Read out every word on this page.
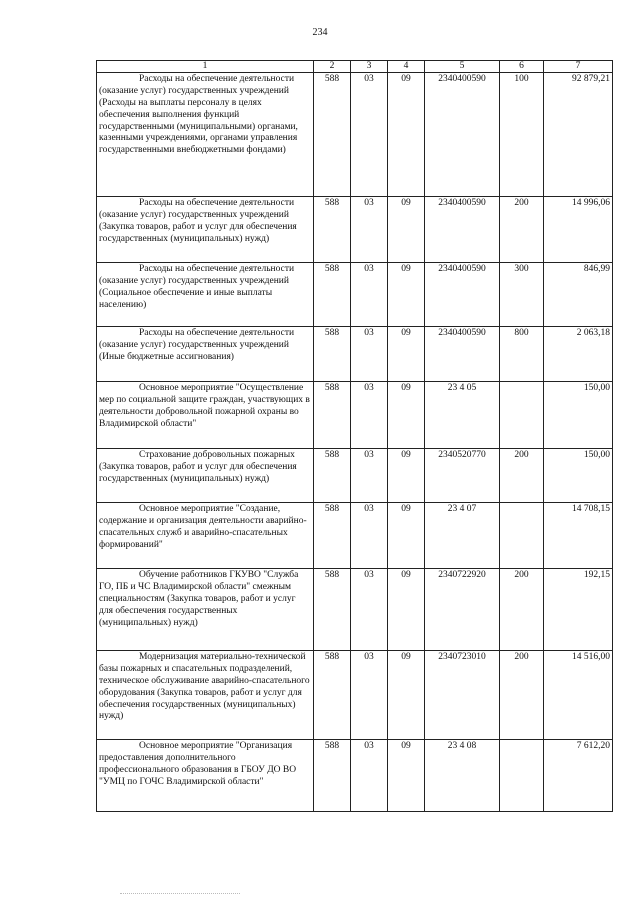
234
1	2	3	4	5	6	7
Расходы на обеспечение деятельности (оказание услуг) государственных учреждений (Расходы на выплаты персоналу в целях обеспечения выполнения функций государственными (муниципальными) органами, казенными учреждениями, органами управления государственными внебюджетными фондами)	588	03	09	2340400590	100	92 879,21
Расходы на обеспечение деятельности (оказание услуг) государственных учреждений (Закупка товаров, работ и услуг для обеспечения государственных (муниципальных) нужд)	588	03	09	2340400590	200	14 996,06
Расходы на обеспечение деятельности (оказание услуг) государственных учреждений (Социальное обеспечение и иные выплаты населению)	588	03	09	2340400590	300	846,99
Расходы на обеспечение деятельности (оказание услуг) государственных учреждений (Иные бюджетные ассигнования)	588	03	09	2340400590	800	2 063,18
Основное мероприятие "Осуществление мер по социальной защите граждан, участвующих в деятельности добровольной пожарной охраны во Владимирской области"	588	03	09	23 4 05		150,00
Страхование добровольных пожарных (Закупка товаров, работ и услуг для обеспечения государственных (муниципальных) нужд)	588	03	09	2340520770	200	150,00
Основное мероприятие "Создание, содержание и организация деятельности аварийно-спасательных служб и аварийно-спасательных формирований"	588	03	09	23 4 07		14 708,15
Обучение работников ГКУВО "Служба ГО, ПБ и ЧС Владимирской области" смежным специальностям (Закупка товаров, работ и услуг для обеспечения государственных (муниципальных) нужд)	588	03	09	2340722920	200	192,15
Модернизация материально-технической базы пожарных и спасательных подразделений, техническое обслуживание аварийно-спасательного оборудования (Закупка товаров, работ и услуг для обеспечения государственных (муниципальных) нужд)	588	03	09	2340723010	200	14 516,00
Основное мероприятие "Организация предоставления дополнительного профессионального образования в ГБОУ ДО ВО "УМЦ по ГОЧС Владимирской области"	588	03	09	23 4 08		7 612,20
